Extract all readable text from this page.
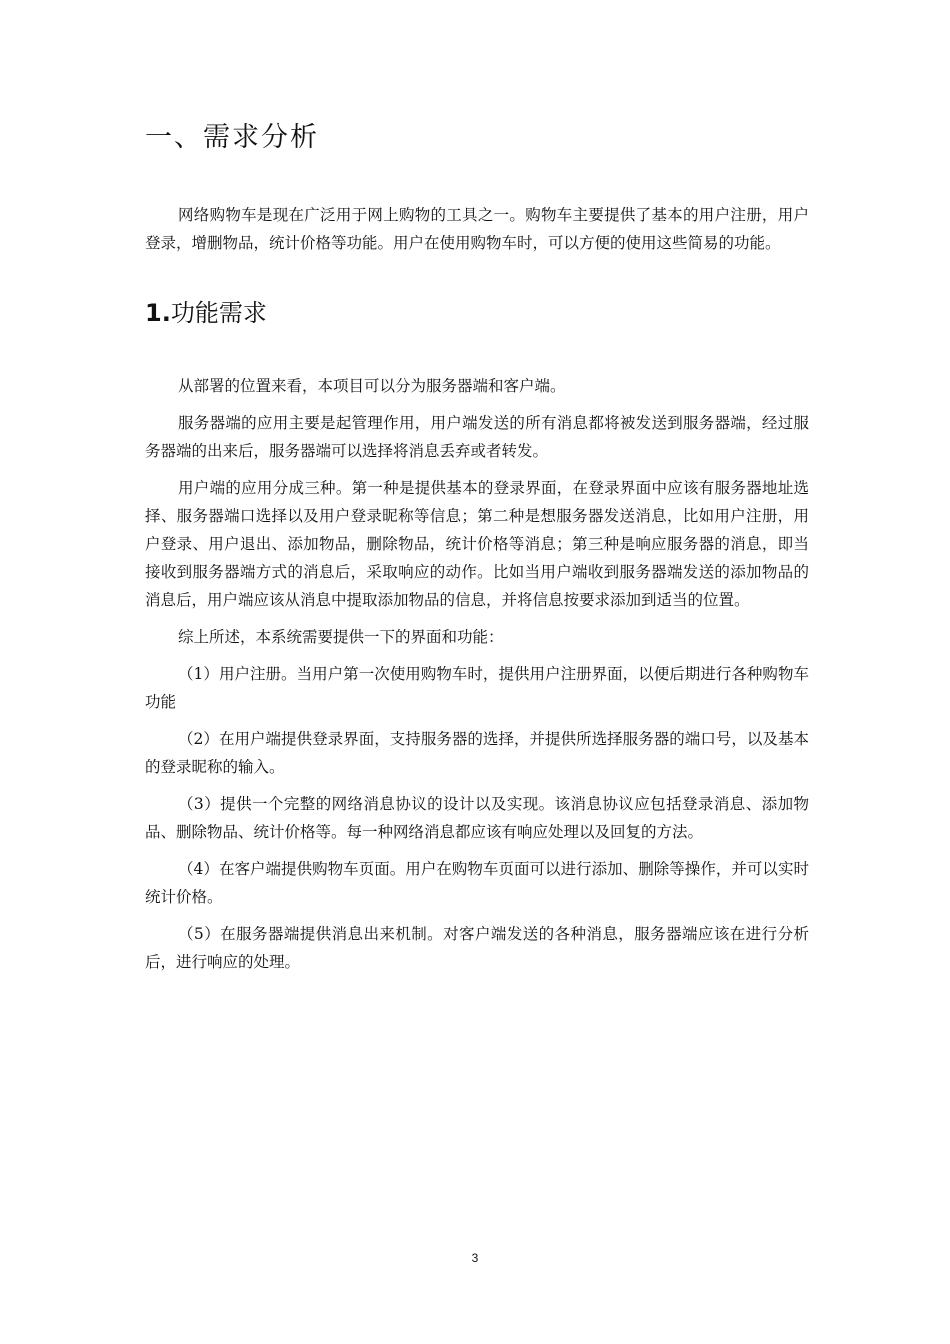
一、需求分析

网络购物车是现在广泛用于网上购物的工具之一。购物车主要提供了基本的用户注册，用户登录，增删物品，统计价格等功能。用户在使用购物车时，可以方便的使用这些简易的功能。

1.功能需求

从部署的位置来看，本项目可以分为服务器端和客户端。

服务器端的应用主要是起管理作用，用户端发送的所有消息都将被发送到服务器端，经过服务器端的出来后，服务器端可以选择将消息丢弃或者转发。

用户端的应用分成三种。第一种是提供基本的登录界面，在登录界面中应该有服务器地址选择、服务器端口选择以及用户登录昵称等信息；第二种是想服务器发送消息，比如用户注册，用户登录、用户退出、添加物品，删除物品，统计价格等消息；第三种是响应服务器的消息，即当接收到服务器端方式的消息后，采取响应的动作。比如当用户端收到服务器端发送的添加物品的消息后，用户端应该从消息中提取添加物品的信息，并将信息按要求添加到适当的位置。

综上所述，本系统需要提供一下的界面和功能：

（1）用户注册。当用户第一次使用购物车时，提供用户注册界面，以便后期进行各种购物车功能

（2）在用户端提供登录界面，支持服务器的选择，并提供所选择服务器的端口号，以及基本的登录昵称的输入。

（3）提供一个完整的网络消息协议的设计以及实现。该消息协议应包括登录消息、添加物品、删除物品、统计价格等。每一种网络消息都应该有响应处理以及回复的方法。

（4）在客户端提供购物车页面。用户在购物车页面可以进行添加、删除等操作，并可以实时统计价格。

（5）在服务器端提供消息出来机制。对客户端发送的各种消息，服务器端应该在进行分析后，进行响应的处理。

3
